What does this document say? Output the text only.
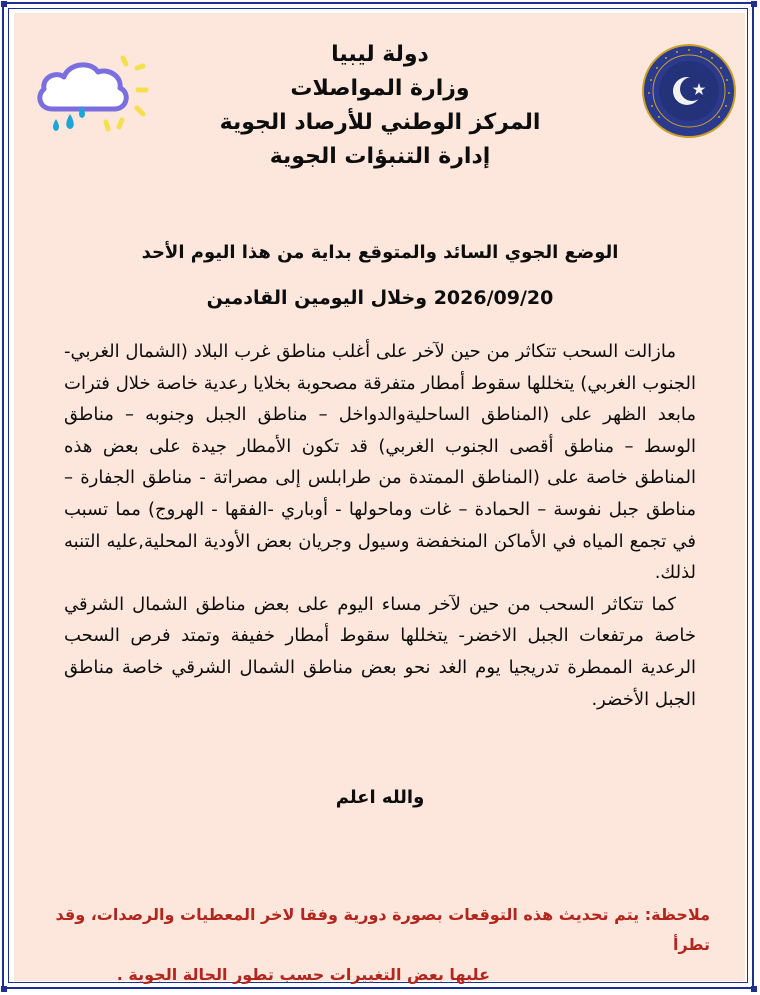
دولة ليبيا
وزارة المواصلات
المركز الوطني للأرصاد الجوية
إدارة التنبؤات الجوية
الوضع الجوي السائد والمتوقع بداية من هذا اليوم الأحد
2026/09/20 وخلال اليومين القادمين

مازالت السحب تتكاثر من حين لآخر على أغلب مناطق غرب البلاد (الشمال الغربي-الجنوب الغربي) يتخللها سقوط أمطار متفرقة مصحوبة بخلايا رعدية خاصة خلال فترات مابعد الظهر على (المناطق الساحليةوالدواخل – مناطق الجبل وجنوبه – مناطق الوسط – مناطق أقصى الجنوب الغربي) قد تكون الأمطار جيدة على بعض هذه المناطق خاصة على (المناطق الممتدة من طرابلس إلى مصراتة - مناطق الجفارة – مناطق جبل نفوسة – الحمادة – غات وماحولها - أوباري -الفقها - الهروج) مما تسبب في تجمع المياه في الأماكن المنخفضة وسيول وجريان بعض الأودية المحلية,عليه التنبه لذلك.

كما تتكاثر السحب من حين لآخر مساء اليوم على بعض مناطق الشمال الشرقي خاصة مرتفعات الجبل الاخضر- يتخللها سقوط أمطار خفيفة وتمتد فرص السحب الرعدية الممطرة تدريجيا يوم الغد نحو بعض مناطق الشمال الشرقي خاصة مناطق الجبل الأخضر.

والله اعلم
ملاحظة: يتم تحديث هذه التوقعات بصورة دورية وفقا لاخر المعطيات والرصدات، وقد تطرأ
عليها بعض التغييرات حسب تطور الحالة الجوية .
